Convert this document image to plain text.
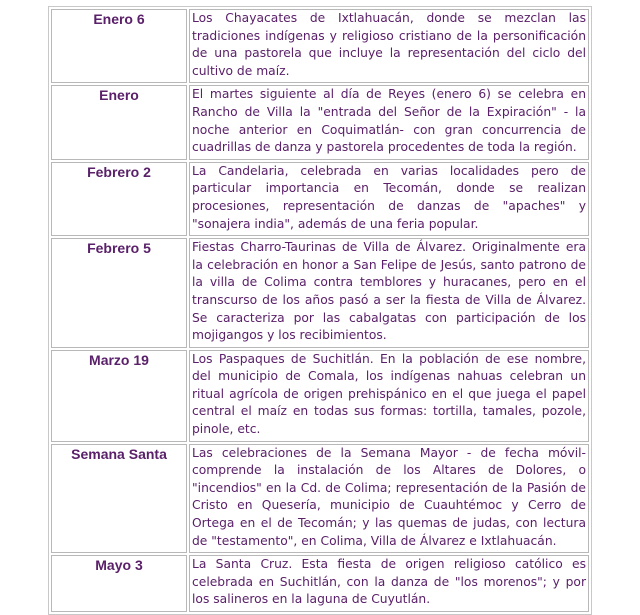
Enero 6	Los Chayacates de Ixtlahuacán, donde se mezclan las tradiciones indígenas y religioso cristiano de la personificación de una pastorela que incluye la representación del ciclo del cultivo de maíz.
Enero	El martes siguiente al día de Reyes (enero 6) se celebra en Rancho de Villa la "entrada del Señor de la Expiración" - la noche anterior en Coquimatlán- con gran concurrencia de cuadrillas de danza y pastorela procedentes de toda la región.
Febrero 2	La Candelaria, celebrada en varias localidades pero de particular importancia en Tecomán, donde se realizan procesiones, representación de danzas de "apaches" y "sonajera india", además de una feria popular.
Febrero 5	Fiestas Charro-Taurinas de Villa de Álvarez. Originalmente era la celebración en honor a San Felipe de Jesús, santo patrono de la villa de Colima contra temblores y huracanes, pero en el transcurso de los años pasó a ser la fiesta de Villa de Álvarez. Se caracteriza por las cabalgatas con participación de los mojigangos y los recibimientos.
Marzo 19	Los Paspaques de Suchitlán. En la población de ese nombre, del municipio de Comala, los indígenas nahuas celebran un ritual agrícola de origen prehispánico en el que juega el papel central el maíz en todas sus formas: tortilla, tamales, pozole, pinole, etc.
Semana Santa	Las celebraciones de la Semana Mayor - de fecha móvil- comprende la instalación de los Altares de Dolores, o "incendios" en la Cd. de Colima; representación de la Pasión de Cristo en Quesería, municipio de Cuauhtémoc y Cerro de Ortega en el de Tecomán; y las quemas de judas, con lectura de "testamento", en Colima, Villa de Álvarez e Ixtlahuacán.
Mayo 3	La Santa Cruz. Esta fiesta de origen religioso católico es celebrada en Suchitlán, con la danza de "los morenos"; y por los salineros en la laguna de Cuyutlán.
